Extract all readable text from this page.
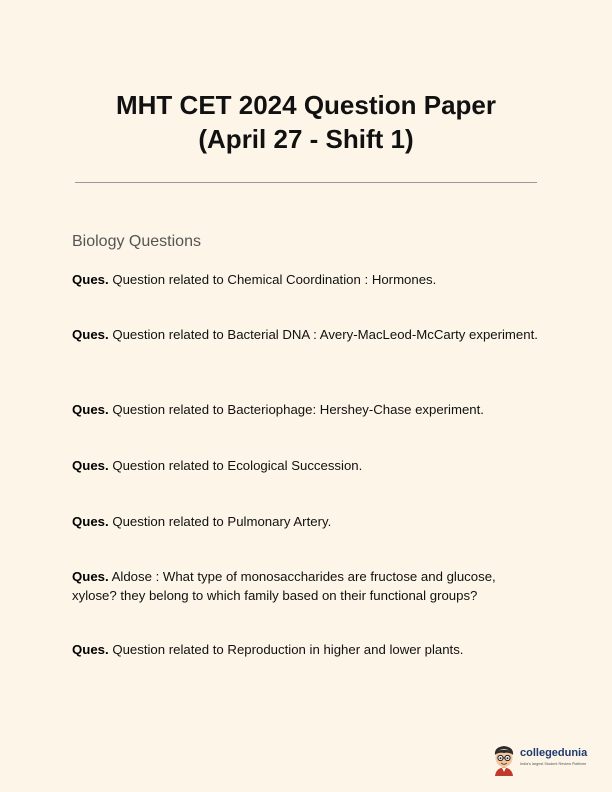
MHT CET 2024 Question Paper
(April 27 - Shift 1)
Biology Questions
Ques. Question related to Chemical Coordination : Hormones.
Ques. Question related to Bacterial DNA : Avery-MacLeod-McCarty experiment.
Ques. Question related to Bacteriophage: Hershey-Chase experiment.
Ques. Question related to Ecological Succession.
Ques. Question related to Pulmonary Artery.
Ques. Aldose : What type of monosaccharides are fructose and glucose, xylose? they belong to which family based on their functional groups?
Ques. Question related to Reproduction in higher and lower plants.
collegedunia
India's largest Student Review Platform
